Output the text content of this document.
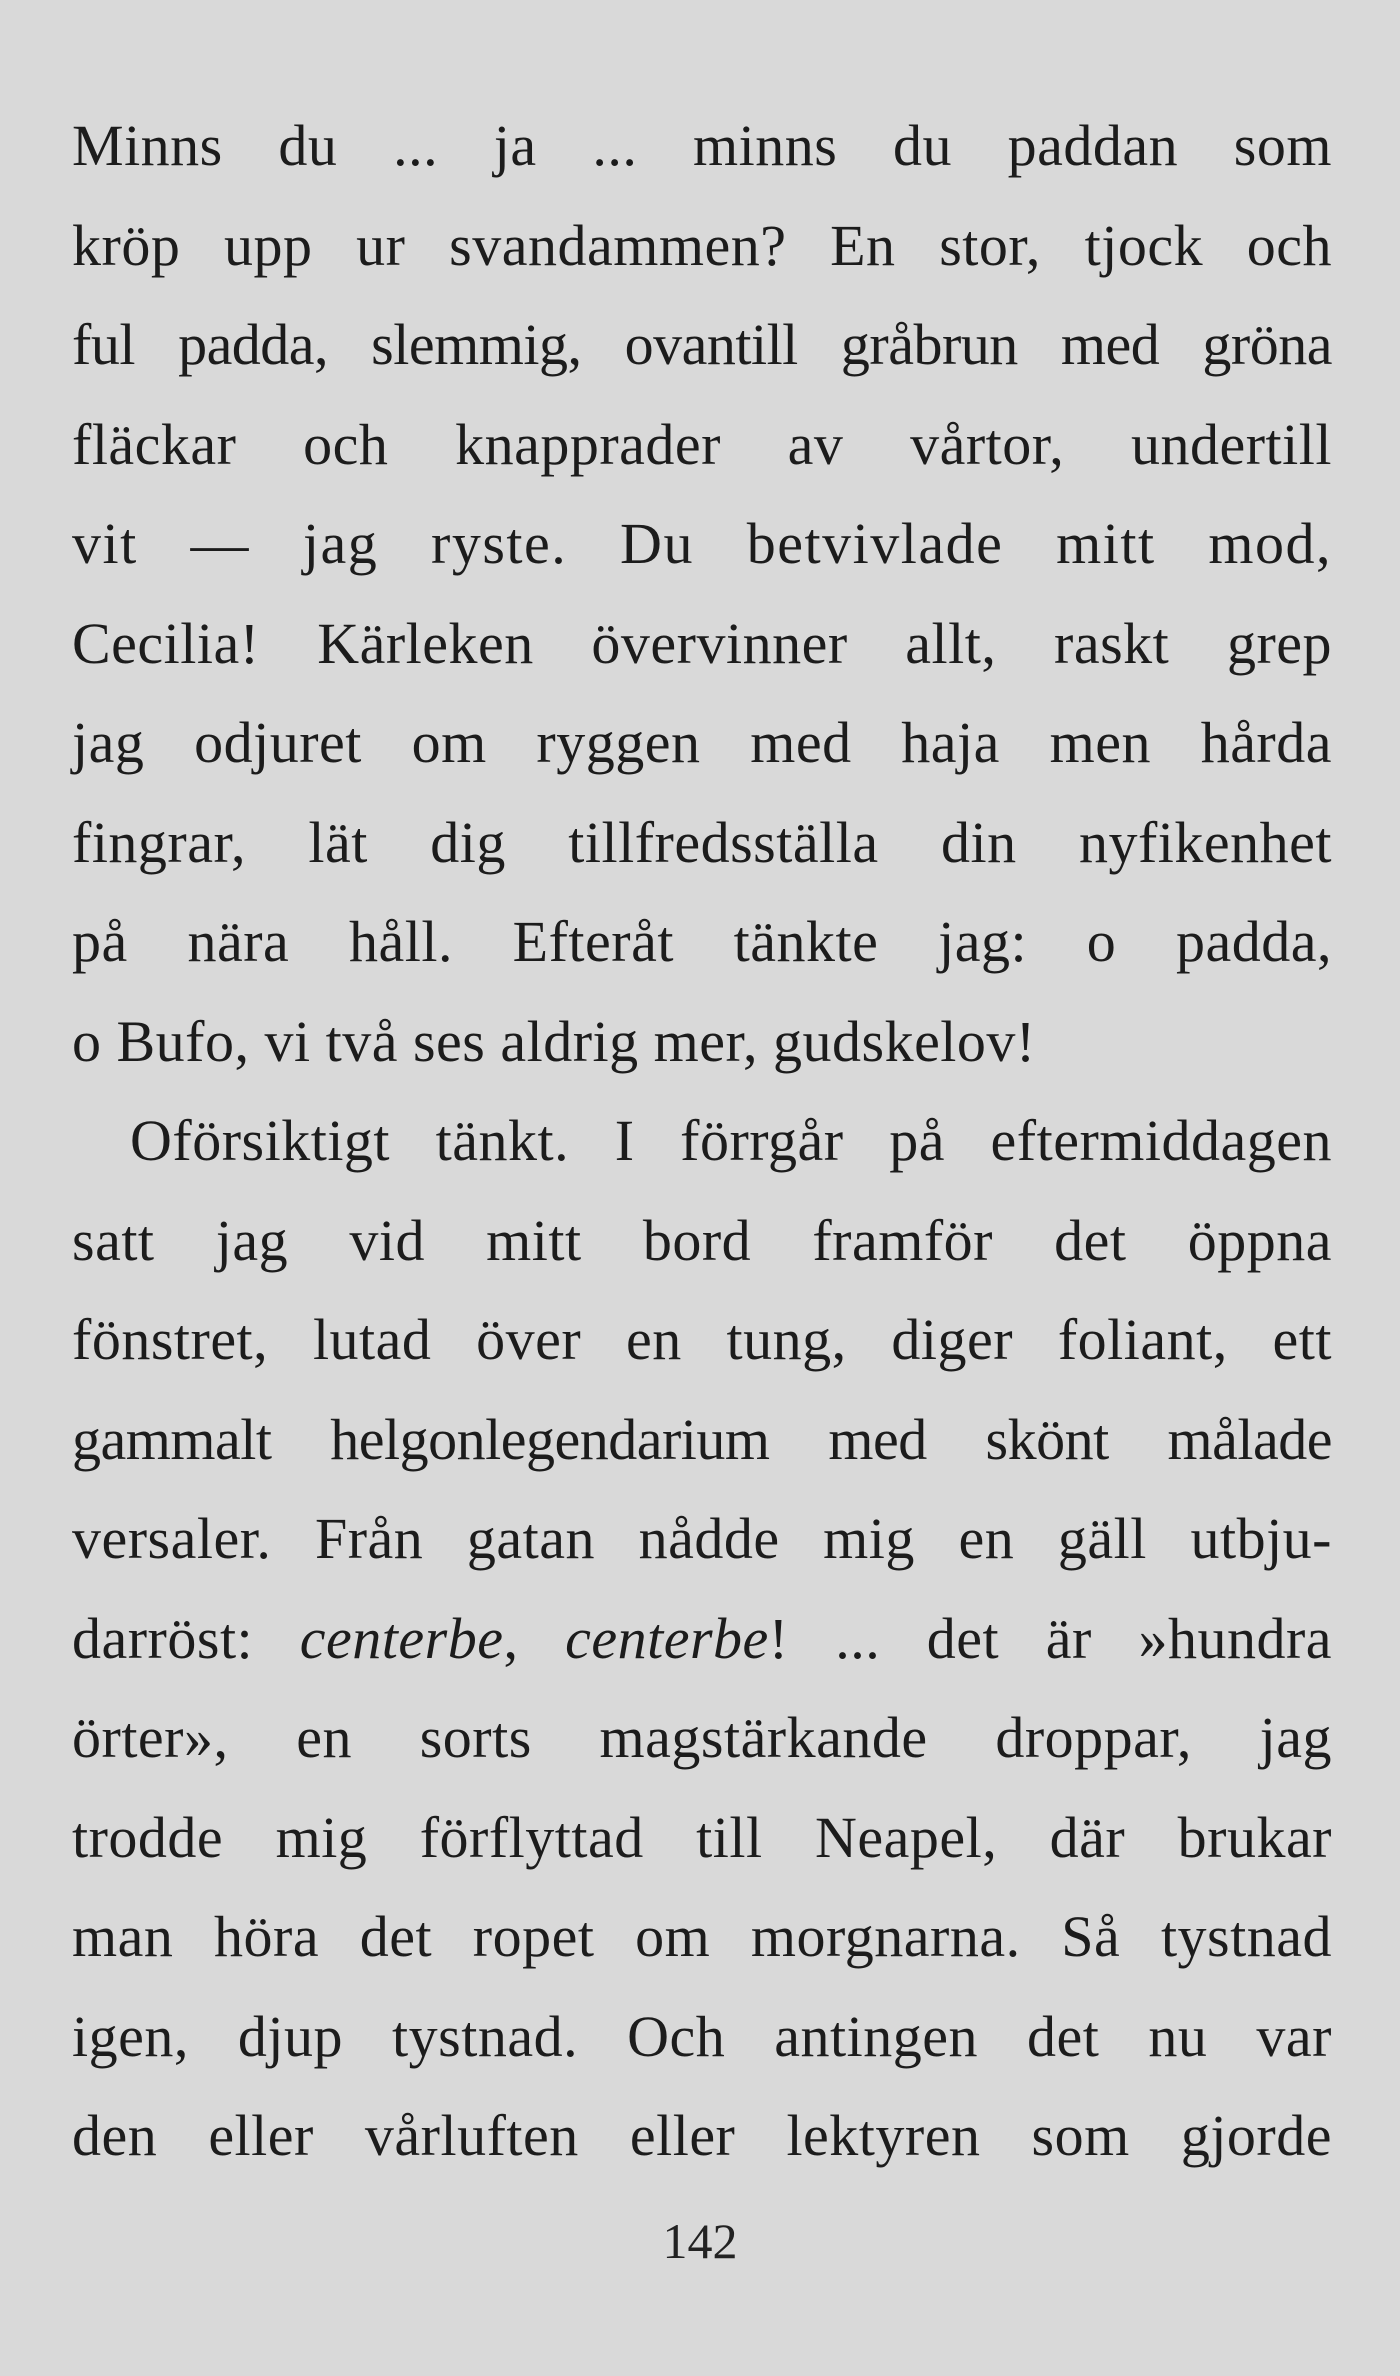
Minns du ... ja ... minns du paddan som
kröp upp ur svandammen? En stor, tjock och
ful padda, slemmig, ovantill gråbrun med gröna
fläckar och knapprader av vårtor, undertill
vit — jag ryste. Du betvivlade mitt mod,
Cecilia! Kärleken övervinner allt, raskt grep
jag odjuret om ryggen med haja men hårda
fingrar, lät dig tillfredsställa din nyfikenhet
på nära håll. Efteråt tänkte jag: o padda,
o Bufo, vi två ses aldrig mer, gudskelov!
Oförsiktigt tänkt. I förrgår på eftermiddagen
satt jag vid mitt bord framför det öppna
fönstret, lutad över en tung, diger foliant, ett
gammalt helgonlegendarium med skönt målade
versaler. Från gatan nådde mig en gäll utbju-
darröst: centerbe, centerbe! ... det är »hundra
örter», en sorts magstärkande droppar, jag
trodde mig förflyttad till Neapel, där brukar
man höra det ropet om morgnarna. Så tystnad
igen, djup tystnad. Och antingen det nu var
den eller vårluften eller lektyren som gjorde
142
